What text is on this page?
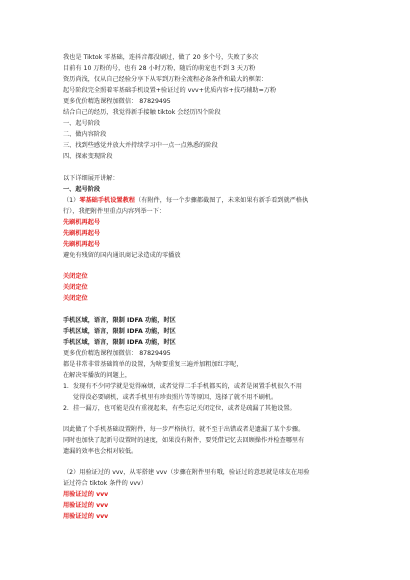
我也是 Tiktok 零基础，连抖音都没刷过，做了 20 多个号，失败了多次
目前有 10 万粉的号，也有 28 小时万粉，随后的萌宠也不到 3 天万粉
资历尚浅，仅从自己经验分享下从零到万粉全流程必备条件和最大的框架：
起号阶段完全照着零基础手机设置+验证过的 vvv+优质内容+技巧辅助=万粉
更多优价精选课程加微信： 87829495
结合自己的经历，我觉得新手接触 tiktok 会经历四个阶段
一、起号阶段
二、做内容阶段
三、找到些感觉并放大并持续学习中一点一点熟悉的阶段
四、探索变现阶段
以下详细展开讲解：
一、起号阶段
（1）零基础手机设置教程（有附件，每一个步骤都截图了，未来如果有新手看到就严格执
行），我把附件里重点内容列举一下：
先刷机再起号
先刷机再起号
先刷机再起号
避免有残留的国内通讯商记录造成的零播放
关闭定位
关闭定位
关闭定位
手机区域，语言，限制 IDFA 功能，时区
手机区域，语言，限制 IDFA 功能，时区
手机区域，语言，限制 IDFA 功能，时区
更多优价精选课程加微信： 87829495
都是非常非常基础简单的设置，为啥要重复三遍并加粗加红字呢，
在解决零播放的问题上，
1. 发现有不少同学就是觉得麻烦，或者觉得二手手机都买的，或者是闲置手机很久不用
觉得没必要刷机，或者手机里有珍贵照片等等原因，选择了就不用不刷机。
2. 挂一漏万，也可能是没有重视起来，有些忘记关闭定位，或者是疏漏了其他设置。
因此做了个手机基础设置附件，每一步严格执行，就不至于出错或者是遗漏了某个步骤。
同时也加快了起新号设置时的速度，如果没有附件，要凭借记忆去回顾操作并检查哪里有
遗漏的效率也会相对较低。
（2）用验证过的 vvv，从零搭建 vvv（步骤在附件里有哦，验证过的意思就是球友在用验
证过符合 tiktok 条件的 vvv）
用验证过的 vvv
用验证过的 vvv
用验证过的 vvv
